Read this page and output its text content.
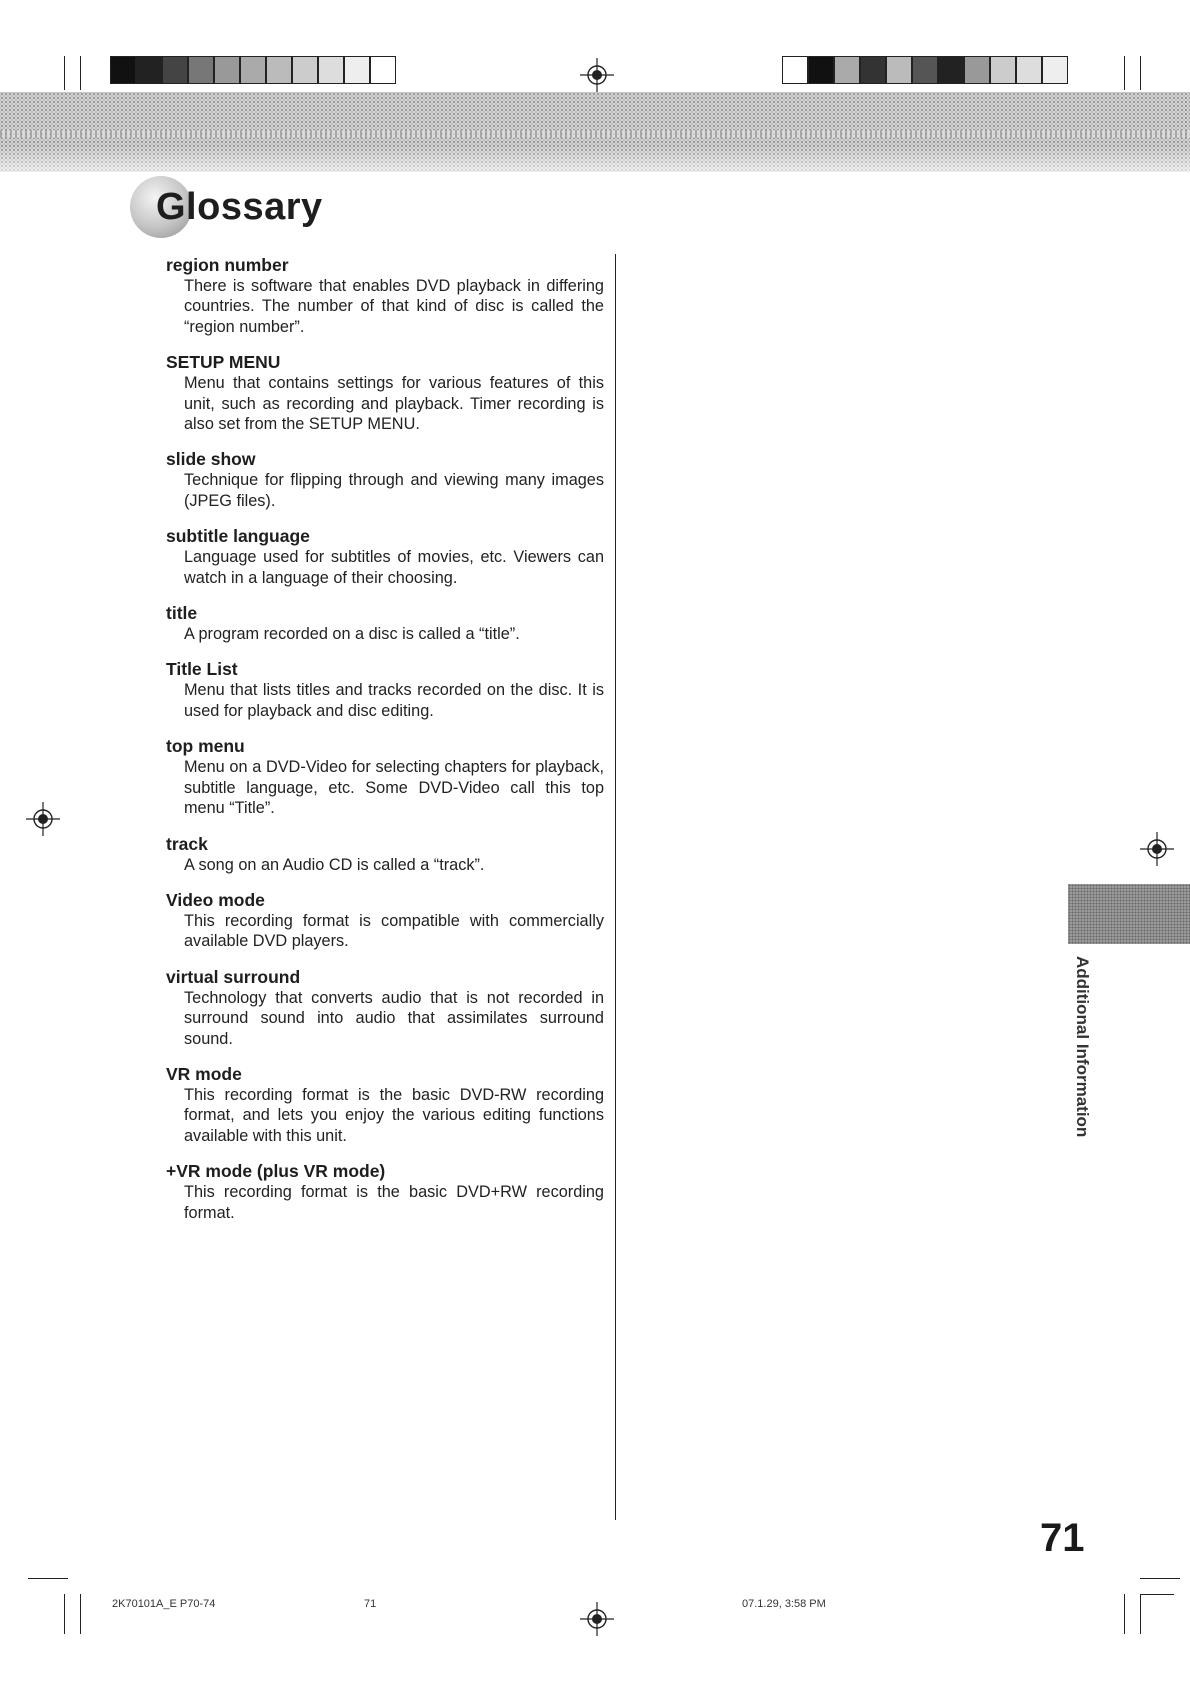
Glossary
region number

There is software that enables DVD playback in differing countries. The number of that kind of disc is called the “region number”.

SETUP MENU

Menu that contains settings for various features of this unit, such as recording and playback. Timer recording is also set from the SETUP MENU.

slide show

Technique for flipping through and viewing many images (JPEG files).

subtitle language

Language used for subtitles of movies, etc. Viewers can watch in a language of their choosing.

title

A program recorded on a disc is called a “title”.

Title List

Menu that lists titles and tracks recorded on the disc. It is used for playback and disc editing.

top menu

Menu on a DVD-Video for selecting chapters for playback, subtitle language, etc. Some DVD-Video call this top menu “Title”.

track

A song on an Audio CD is called a “track”.

Video mode

This recording format is compatible with commercially available DVD players.

virtual surround

Technology that converts audio that is not recorded in surround sound into audio that assimilates surround sound.

VR mode

This recording format is the basic DVD-RW recording format, and lets you enjoy the various editing functions available with this unit.

+VR mode (plus VR mode)

This recording format is the basic DVD+RW recording format.

Additional Information
71
2K70101A_E P70-74	71	07.1.29, 3:58 PM
